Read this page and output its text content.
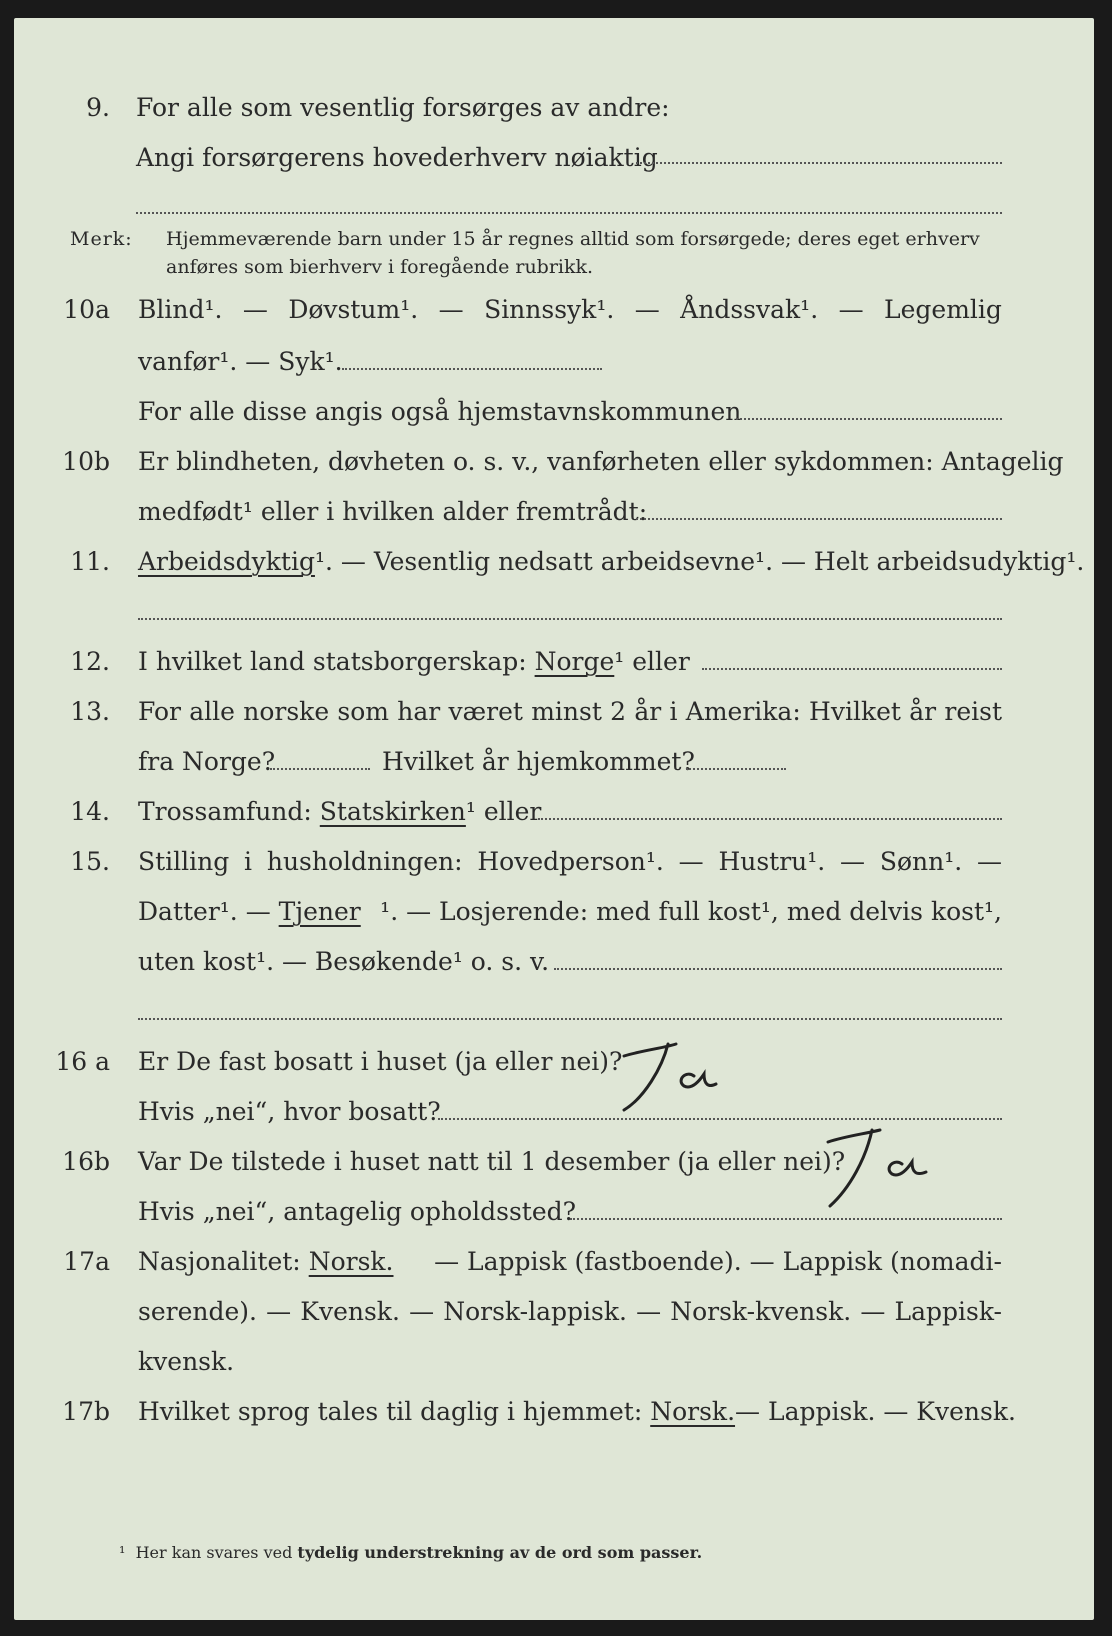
9. For alle som vesentlig forsørges av andre:
Angi forsørgerens hovederhverv nøiaktig
Merk: Hjemmeværende barn under 15 år regnes alltid som forsørgede; deres eget erhverv
anføres som bierhverv i foregående rubrikk.
10a Blind¹. — Døvstum¹. — Sinnssyk¹. — Åndssvak¹. — Legemlig
vanfør¹. — Syk¹.
For alle disse angis også hjemstavnskommunen
10b Er blindheten, døvheten o. s. v., vanførheten eller sykdommen: Antagelig
medfødt¹ eller i hvilken alder fremtrådt:
11. Arbeidsdyktig¹. — Vesentlig nedsatt arbeidsevne¹. — Helt arbeidsudyktig¹.
12. I hvilket land statsborgerskap: Norge¹ eller
13. For alle norske som har været minst 2 år i Amerika: Hvilket år reist
fra Norge?	Hvilket år hjemkommet?
14. Trossamfund: Statskirken¹ eller
15. Stilling i husholdningen: Hovedperson¹. — Hustru¹. — Sønn¹. —
Datter¹. — Tjener ¹. — Losjerende: med full kost¹, med delvis kost¹,
uten kost¹. — Besøkende¹ o. s. v.
16 a Er De fast bosatt i huset (ja eller nei)?
Hvis „nei“, hvor bosatt?
16b Var De tilstede i huset natt til 1 desember (ja eller nei)?
Hvis „nei“, antagelig opholdssted?
17a Nasjonalitet: Norsk. — Lappisk (fastboende). — Lappisk (nomadi-
serende). — Kvensk. — Norsk-lappisk. — Norsk-kvensk. — Lappisk-
kvensk.
17b Hvilket sprog tales til daglig i hjemmet: Norsk. — Lappisk. — Kvensk.
¹ Her kan svares ved tydelig understrekning av de ord som passer.
